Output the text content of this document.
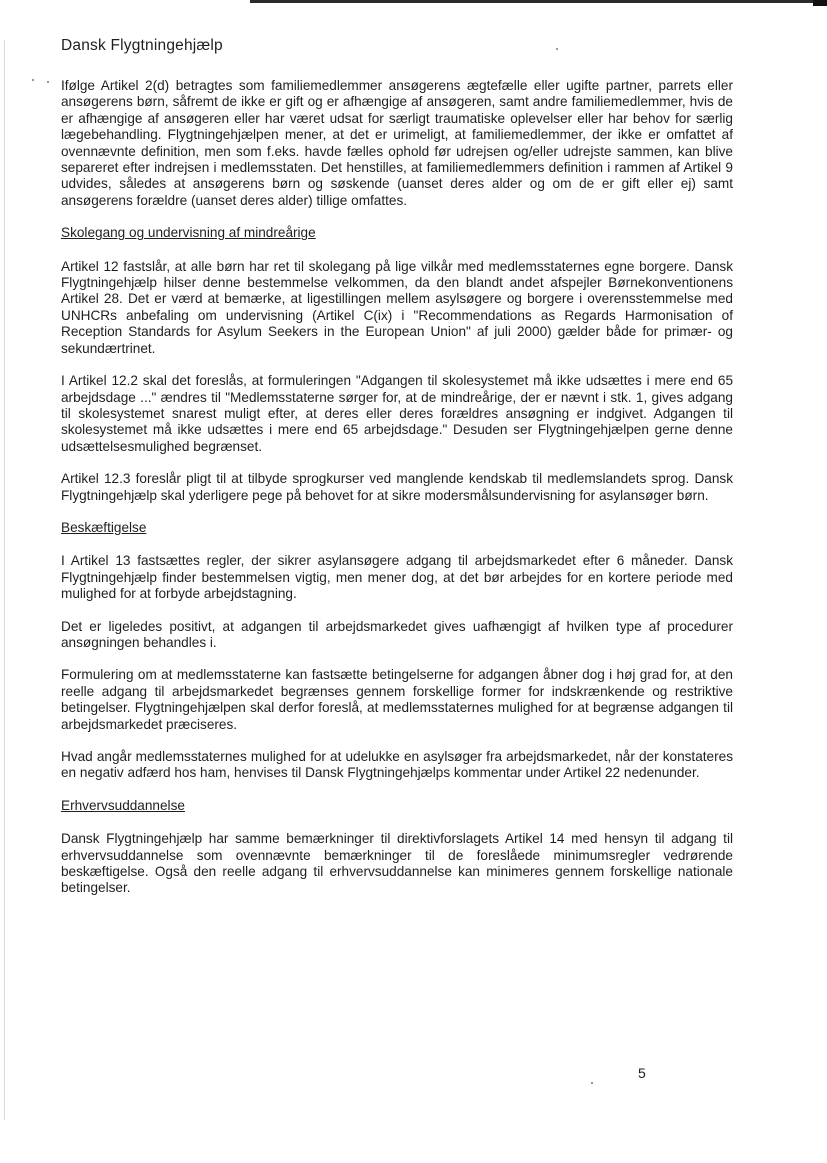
Dansk Flygtningehjælp

Ifølge Artikel 2(d) betragtes som familiemedlemmer ansøgerens ægtefælle eller ugifte partner, parrets eller ansøgerens børn, såfremt de ikke er gift og er afhængige af ansøgeren, samt andre familiemedlemmer, hvis de er afhængige af ansøgeren eller har været udsat for særligt traumatiske oplevelser eller har behov for særlig lægebehandling. Flygtningehjælpen mener, at det er urimeligt, at familiemedlemmer, der ikke er omfattet af ovennævnte definition, men som f.eks. havde fælles ophold før udrejsen og/eller udrejste sammen, kan blive separeret efter indrejsen i medlemsstaten. Det henstilles, at familiemedlemmers definition i rammen af Artikel 9 udvides, således at ansøgerens børn og søskende (uanset deres alder og om de er gift eller ej) samt ansøgerens forældre (uanset deres alder) tillige omfattes.

Skolegang og undervisning af mindreårige

Artikel 12 fastslår, at alle børn har ret til skolegang på lige vilkår med medlemsstaternes egne borgere. Dansk Flygtningehjælp hilser denne bestemmelse velkommen, da den blandt andet afspejler Børnekonventionens Artikel 28. Det er værd at bemærke, at ligestillingen mellem asylsøgere og borgere i overensstemmelse med UNHCRs anbefaling om undervisning (Artikel C(ix) i "Recommendations as Regards Harmonisation of Reception Standards for Asylum Seekers in the European Union" af juli 2000) gælder både for primær- og sekundærtrinet.

I Artikel 12.2 skal det foreslås, at formuleringen "Adgangen til skolesystemet må ikke udsættes i mere end 65 arbejdsdage ..." ændres til "Medlemsstaterne sørger for, at de mindreårige, der er nævnt i stk. 1, gives adgang til skolesystemet snarest muligt efter, at deres eller deres forældres ansøgning er indgivet. Adgangen til skolesystemet må ikke udsættes i mere end 65 arbejdsdage." Desuden ser Flygtningehjælpen gerne denne udsættelsesmulighed begrænset.

Artikel 12.3 foreslår pligt til at tilbyde sprogkurser ved manglende kendskab til medlemslandets sprog. Dansk Flygtningehjælp skal yderligere pege på behovet for at sikre modersmålsundervisning for asylansøger børn.

Beskæftigelse

I Artikel 13 fastsættes regler, der sikrer asylansøgere adgang til arbejdsmarkedet efter 6 måneder. Dansk Flygtningehjælp finder bestemmelsen vigtig, men mener dog, at det bør arbejdes for en kortere periode med mulighed for at forbyde arbejdstagning.

Det er ligeledes positivt, at adgangen til arbejdsmarkedet gives uafhængigt af hvilken type af procedurer ansøgningen behandles i.

Formulering om at medlemsstaterne kan fastsætte betingelserne for adgangen åbner dog i høj grad for, at den reelle adgang til arbejdsmarkedet begrænses gennem forskellige former for indskrænkende og restriktive betingelser. Flygtningehjælpen skal derfor foreslå, at medlemsstaternes mulighed for at begrænse adgangen til arbejdsmarkedet præciseres.

Hvad angår medlemsstaternes mulighed for at udelukke en asylsøger fra arbejdsmarkedet, når der konstateres en negativ adfærd hos ham, henvises til Dansk Flygtningehjælps kommentar under Artikel 22 nedenunder.

Erhvervsuddannelse

Dansk Flygtningehjælp har samme bemærkninger til direktivforslagets Artikel 14 med hensyn til adgang til erhvervsuddannelse som ovennævnte bemærkninger til de foreslåede minimumsregler vedrørende beskæftigelse. Også den reelle adgang til erhvervsuddannelse kan minimeres gennem forskellige nationale betingelser.

5
